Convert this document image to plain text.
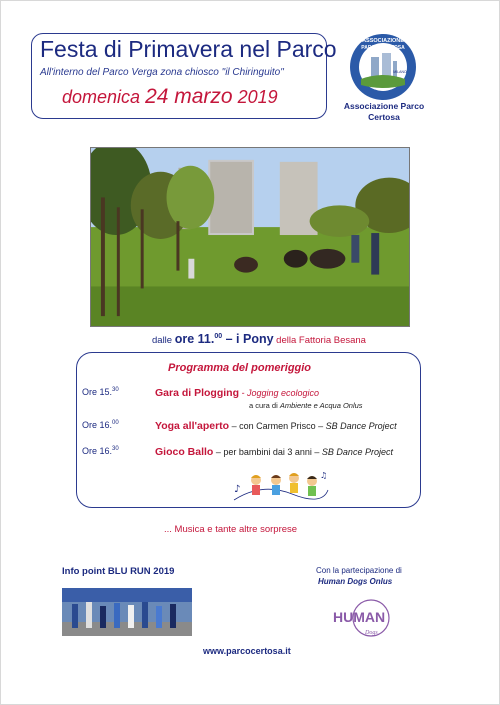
Festa di Primavera nel Parco
All'interno del Parco Verga zona chiosco "il Chiringuito"
domenica 24 marzo 2019
ASSOCIAZIONE
PARCO CERTOSA
MILANO
Associazione Parco
Certosa
dalle ore 11.00 – i Pony della Fattoria Besana
Programma del pomeriggio
Ore 15.30	Gara di Plogging - Jogging ecologico
a cura di Ambiente e Acqua Onlus
Ore 16.00	Yoga all'aperto – con Carmen Prisco – SB Dance Project
Ore 16.30	Gioco Ballo – per bambini dai 3 anni – SB Dance Project
♪
♫
... Musica e tante altre sorprese
Info point BLU RUN 2019	Con la partecipazione di
Human Dogs Onlus
HUMAN
Dogs
www.parcocertosa.it
